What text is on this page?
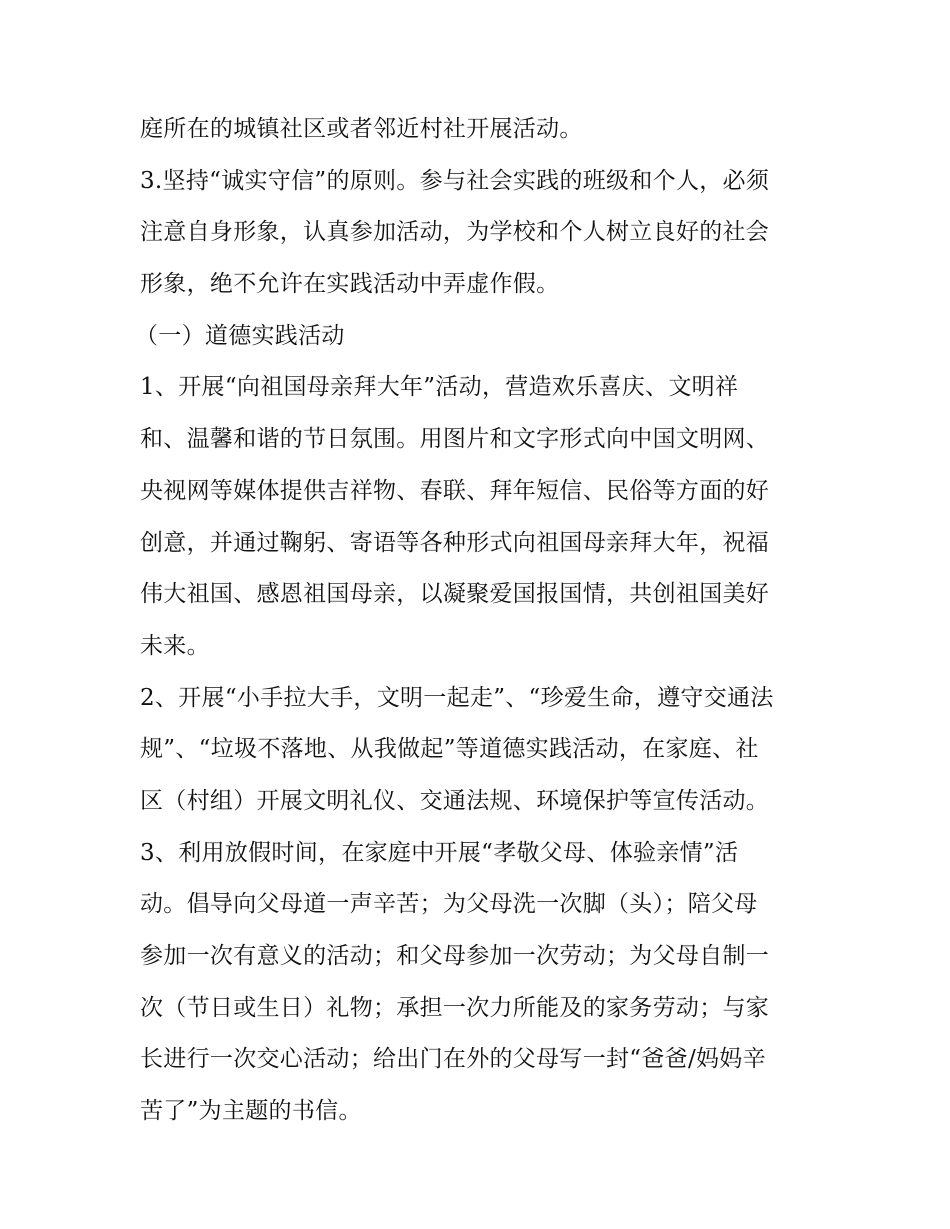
庭所在的城镇社区或者邻近村社开展活动。
3.坚持“诚实守信”的原则。参与社会实践的班级和个人，必须
注意自身形象，认真参加活动，为学校和个人树立良好的社会
形象，绝不允许在实践活动中弄虚作假。
（一）道德实践活动
1、开展“向祖国母亲拜大年”活动，营造欢乐喜庆、文明祥
和、温馨和谐的节日氛围。用图片和文字形式向中国文明网、
央视网等媒体提供吉祥物、春联、拜年短信、民俗等方面的好
创意，并通过鞠躬、寄语等各种形式向祖国母亲拜大年，祝福
伟大祖国、感恩祖国母亲，以凝聚爱国报国情，共创祖国美好
未来。
2、开展“小手拉大手，文明一起走”、“珍爱生命，遵守交通法
规”、“垃圾不落地、从我做起”等道德实践活动，在家庭、社
区（村组）开展文明礼仪、交通法规、环境保护等宣传活动。
3、利用放假时间，在家庭中开展“孝敬父母、体验亲情”活
动。倡导向父母道一声辛苦；为父母洗一次脚（头）；陪父母
参加一次有意义的活动；和父母参加一次劳动；为父母自制一
次（节日或生日）礼物；承担一次力所能及的家务劳动；与家
长进行一次交心活动；给出门在外的父母写一封“爸爸/妈妈辛
苦了”为主题的书信。
